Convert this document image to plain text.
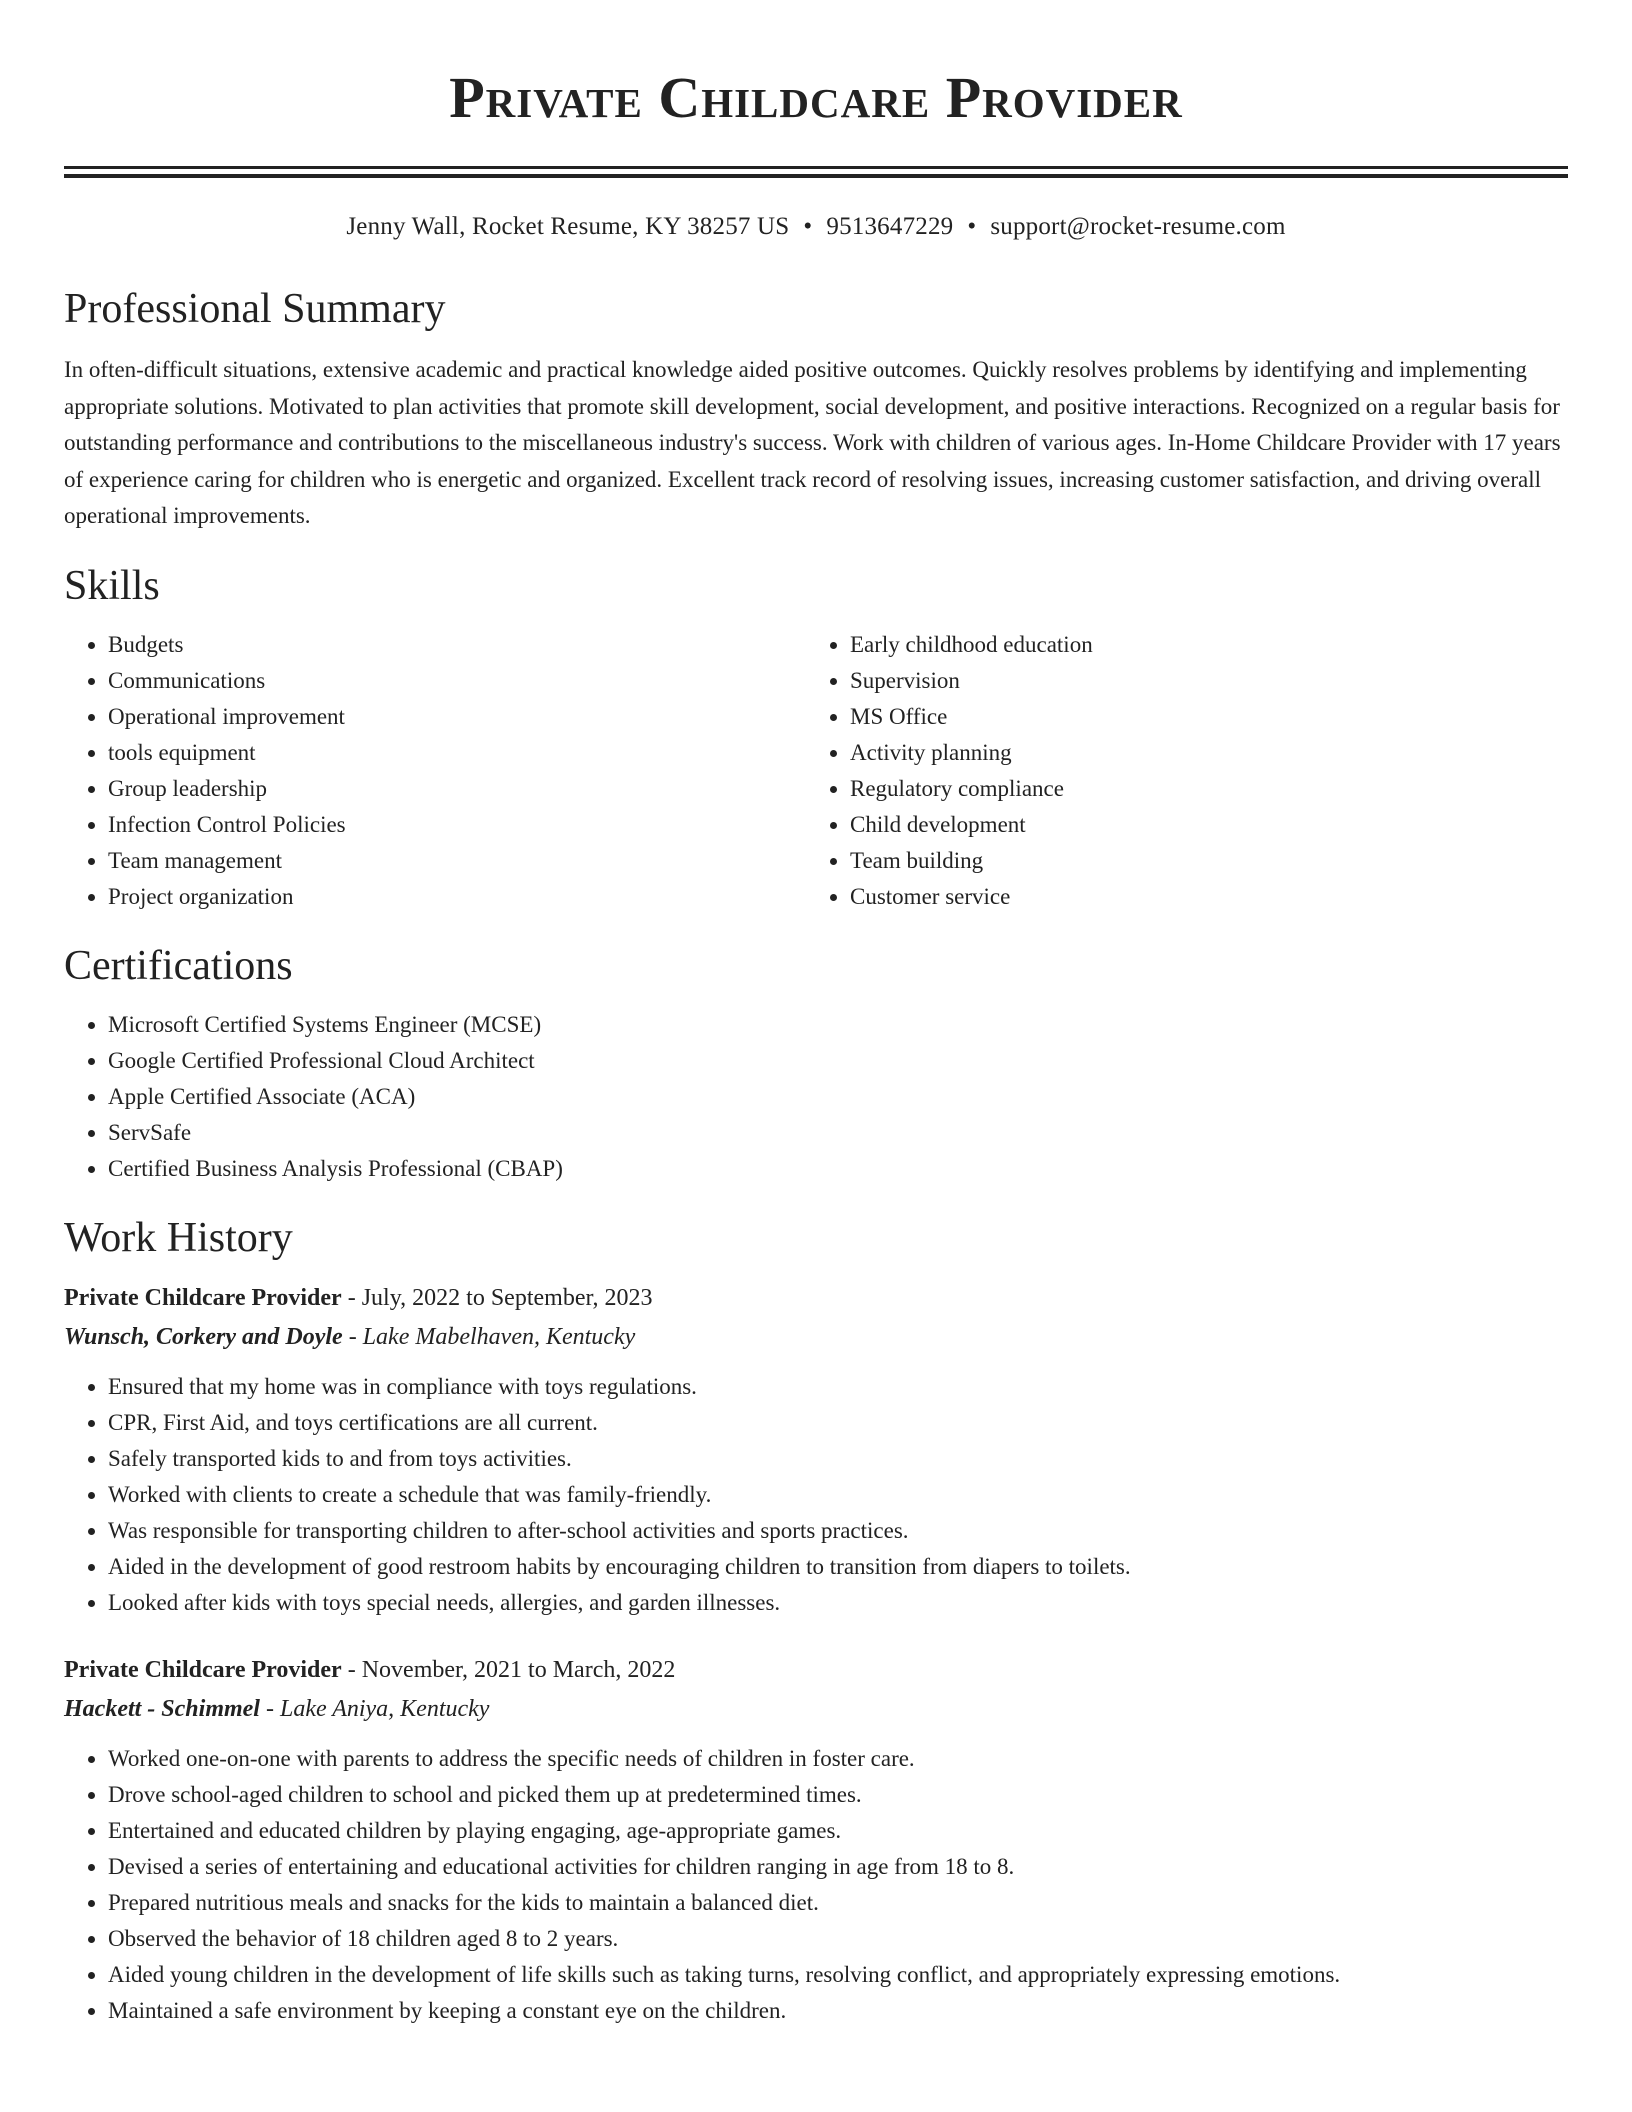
Private Childcare Provider
Jenny Wall, Rocket Resume, KY 38257 US • 9513647229 • support@rocket-resume.com
Professional Summary

In often-difficult situations, extensive academic and practical knowledge aided positive outcomes. Quickly resolves problems by identifying and implementing appropriate solutions. Motivated to plan activities that promote skill development, social development, and positive interactions. Recognized on a regular basis for outstanding performance and contributions to the miscellaneous industry's success. Work with children of various ages. In-Home Childcare Provider with 17 years of experience caring for children who is energetic and organized. Excellent track record of resolving issues, increasing customer satisfaction, and driving overall operational improvements.

Skills
• Budgets
• Communications
• Operational improvement
• tools equipment
• Group leadership
• Infection Control Policies
• Team management
• Project organization
• Early childhood education
• Supervision
• MS Office
• Activity planning
• Regulatory compliance
• Child development
• Team building
• Customer service
Certifications
• Microsoft Certified Systems Engineer (MCSE)
• Google Certified Professional Cloud Architect
• Apple Certified Associate (ACA)
• ServSafe
• Certified Business Analysis Professional (CBAP)
Work History
Private Childcare Provider - July, 2022 to September, 2023
Wunsch, Corkery and Doyle - Lake Mabelhaven, Kentucky
• Ensured that my home was in compliance with toys regulations.
• CPR, First Aid, and toys certifications are all current.
• Safely transported kids to and from toys activities.
• Worked with clients to create a schedule that was family-friendly.
• Was responsible for transporting children to after-school activities and sports practices.
• Aided in the development of good restroom habits by encouraging children to transition from diapers to toilets.
• Looked after kids with toys special needs, allergies, and garden illnesses.
Private Childcare Provider - November, 2021 to March, 2022
Hackett - Schimmel - Lake Aniya, Kentucky
• Worked one-on-one with parents to address the specific needs of children in foster care.
• Drove school-aged children to school and picked them up at predetermined times.
• Entertained and educated children by playing engaging, age-appropriate games.
• Devised a series of entertaining and educational activities for children ranging in age from 18 to 8.
• Prepared nutritious meals and snacks for the kids to maintain a balanced diet.
• Observed the behavior of 18 children aged 8 to 2 years.
• Aided young children in the development of life skills such as taking turns, resolving conflict, and appropriately expressing emotions.
• Maintained a safe environment by keeping a constant eye on the children.
